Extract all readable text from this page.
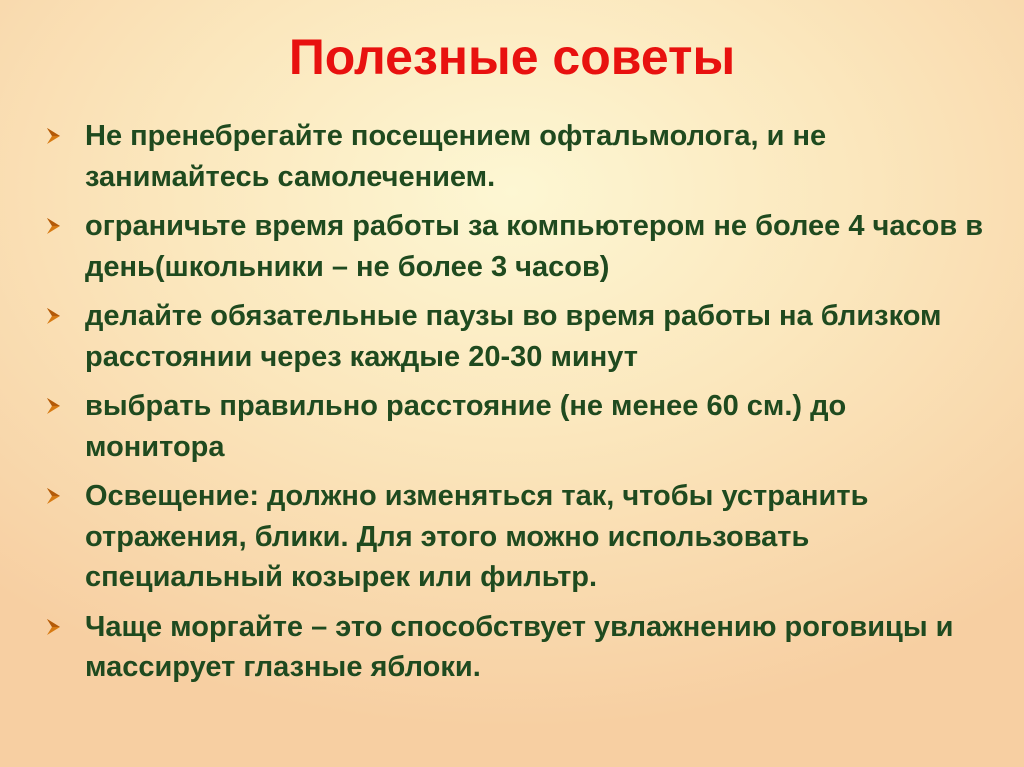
Полезные советы
Не пренебрегайте посещением офтальмолога, и не занимайтесь самолечением.
ограничьте время работы за компьютером не более 4 часов в день(школьники – не более 3 часов)
делайте обязательные паузы во время работы на близком расстоянии через каждые 20-30 минут
выбрать правильно расстояние (не менее 60 см.) до монитора
Освещение: должно изменяться так, чтобы устранить отражения, блики. Для этого можно использовать специальный козырек или фильтр.
Чаще моргайте – это способствует увлажнению роговицы и массирует глазные яблоки.
